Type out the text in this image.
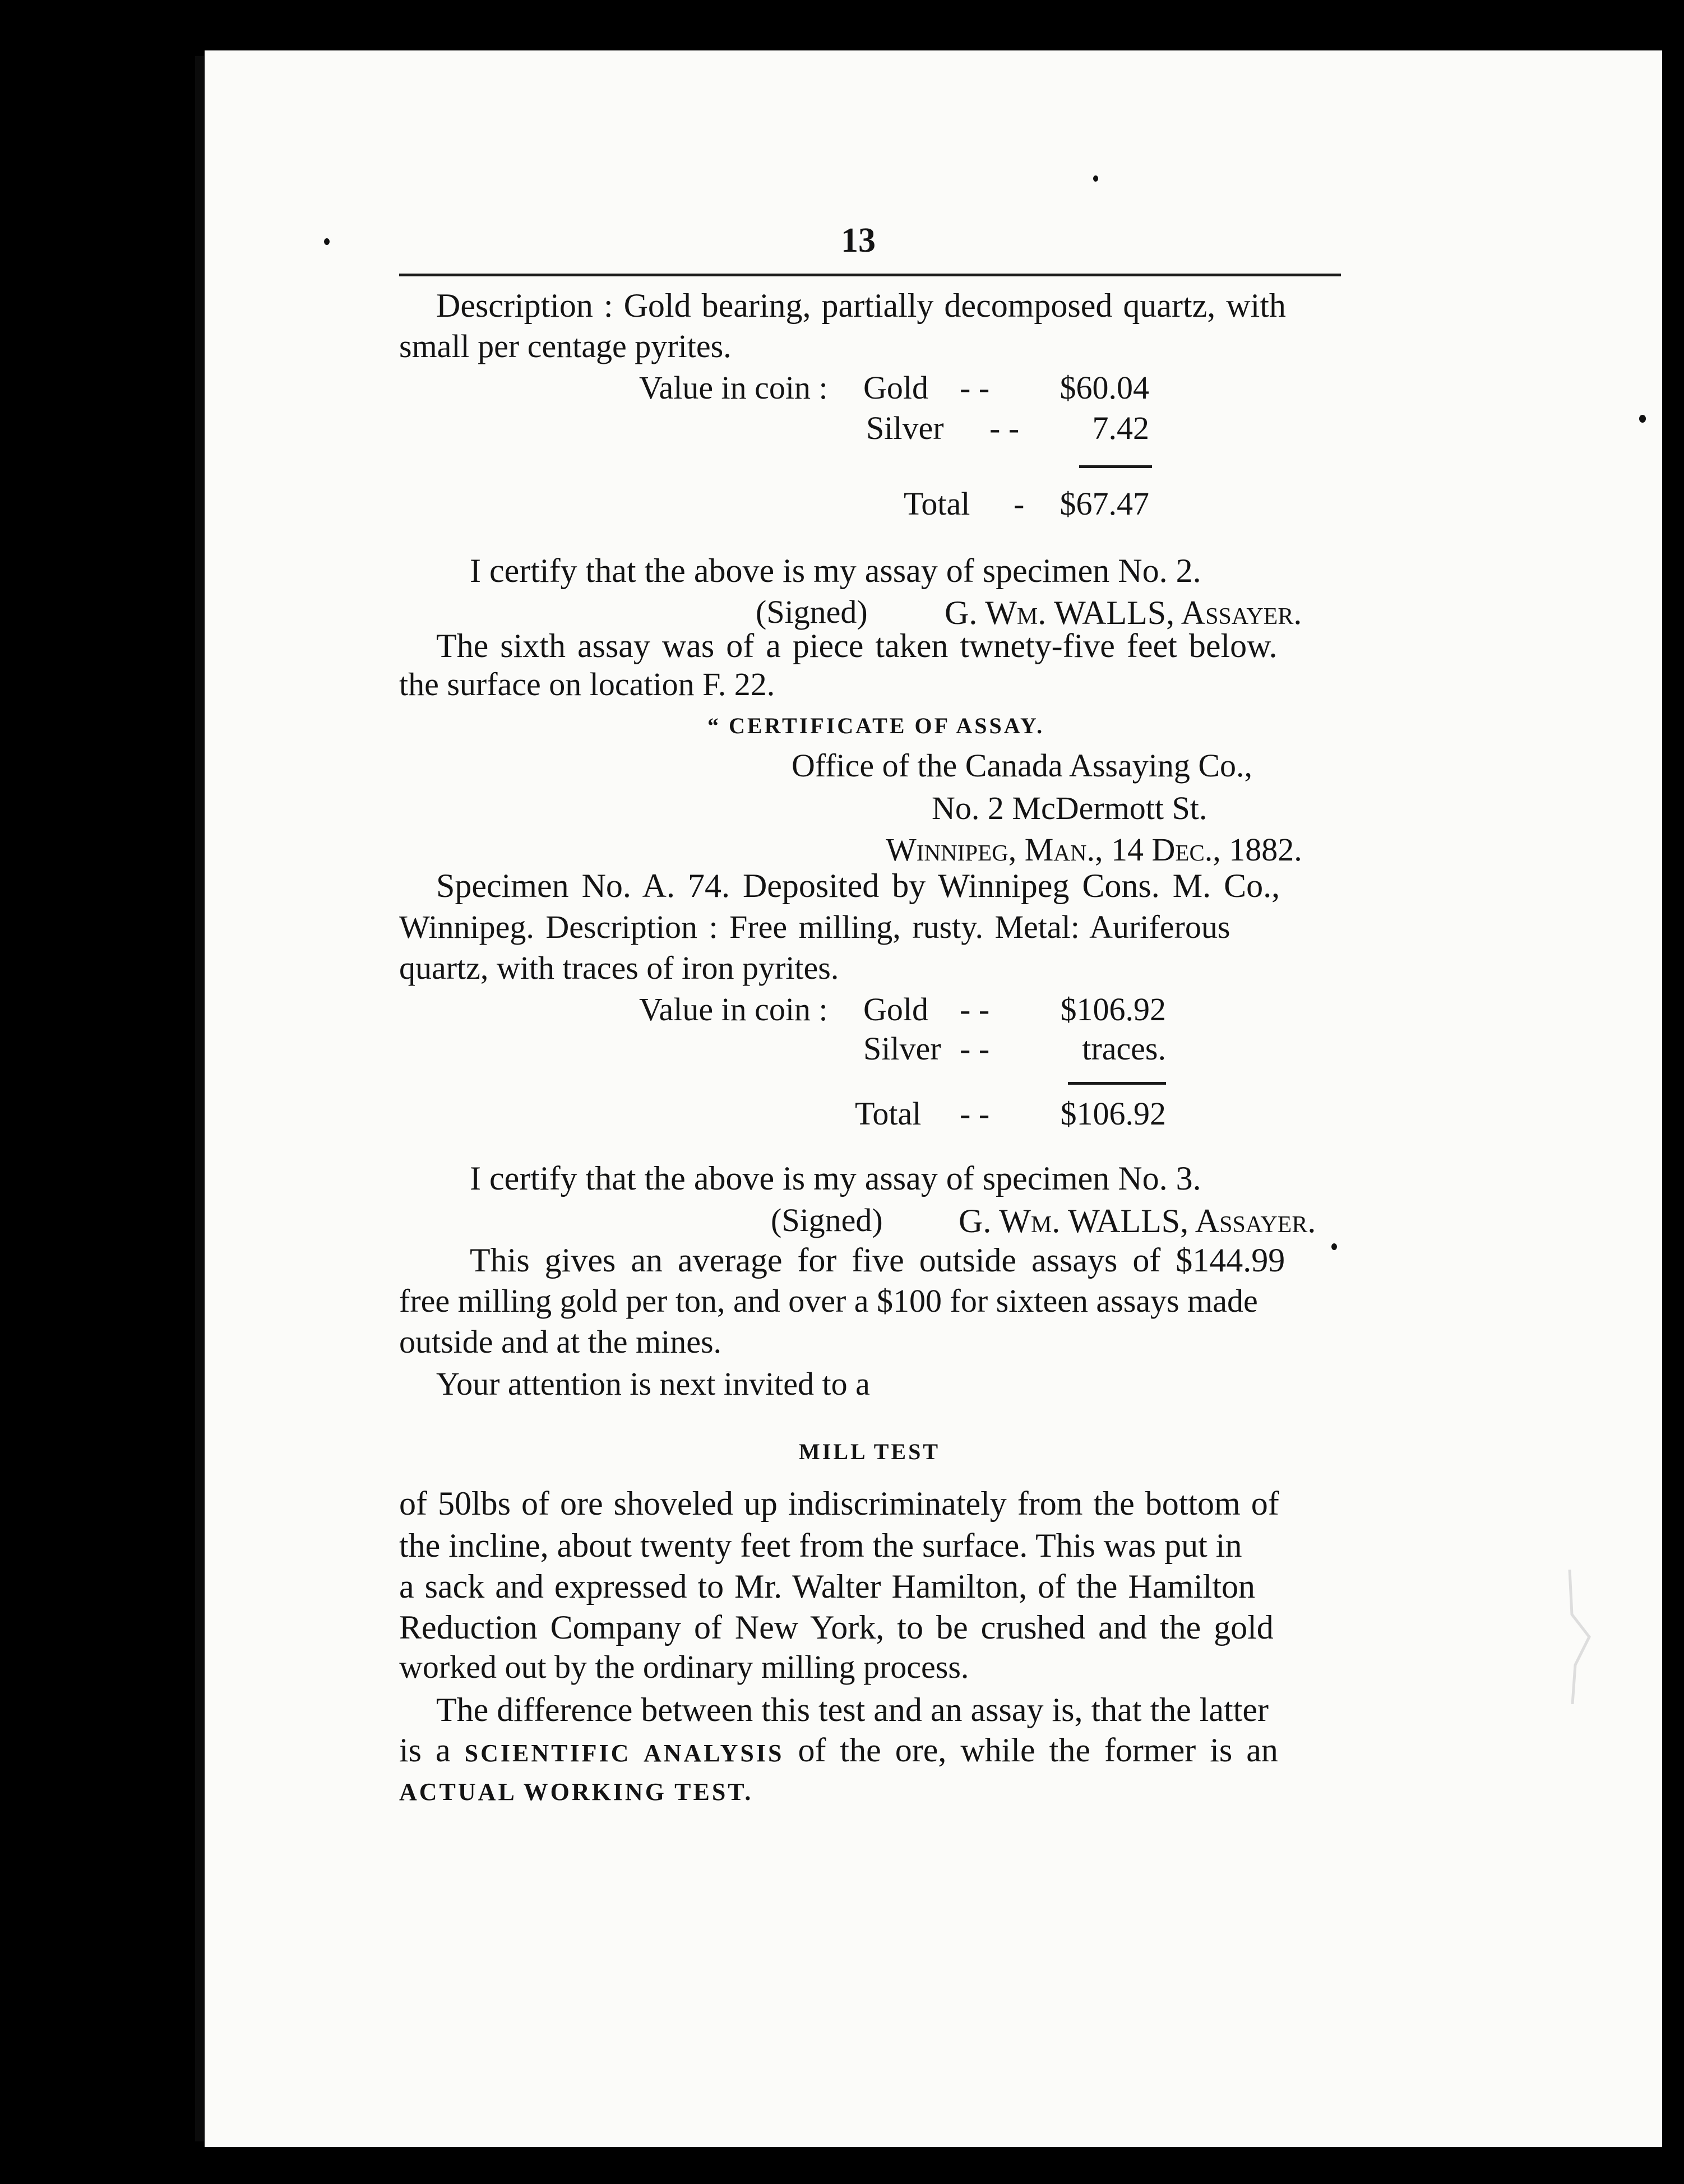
13
Description : Gold bearing, partially decomposed quartz, with
small per centage pyrites.
Value in coin : Gold - -	$60.04
Silver - -	7.42
Total -	$67.47
I certify that the above is my assay of specimen No. 2.
(Signed) G. Wm. WALLS, Assayer.
The sixth assay was of a piece taken twnety-five feet below.
the surface on location F. 22.
“ CERTIFICATE OF ASSAY.
Office of the Canada Assaying Co.,
No. 2 McDermott St.
Winnipeg, Man., 14 Dec., 1882.
Specimen No. A. 74. Deposited by Winnipeg Cons. M. Co.,
Winnipeg. Description : Free milling, rusty. Metal: Auriferous
quartz, with traces of iron pyrites.
Value in coin : Gold - -	$106.92
Silver - -	traces.
Total - -	$106.92
I certify that the above is my assay of specimen No. 3.
(Signed) G. Wm. WALLS, Assayer.
This gives an average for five outside assays of $144.99
free milling gold per ton, and over a $100 for sixteen assays made
outside and at the mines.
Your attention is next invited to a
MILL TEST
of 50lbs of ore shoveled up indiscriminately from the bottom of
the incline, about twenty feet from the surface. This was put in
a sack and expressed to Mr. Walter Hamilton, of the Hamilton
Reduction Company of New York, to be crushed and the gold
worked out by the ordinary milling process.
The difference between this test and an assay is, that the latter
is a SCIENTIFIC ANALYSIS of the ore, while the former is an
ACTUAL WORKING TEST.
